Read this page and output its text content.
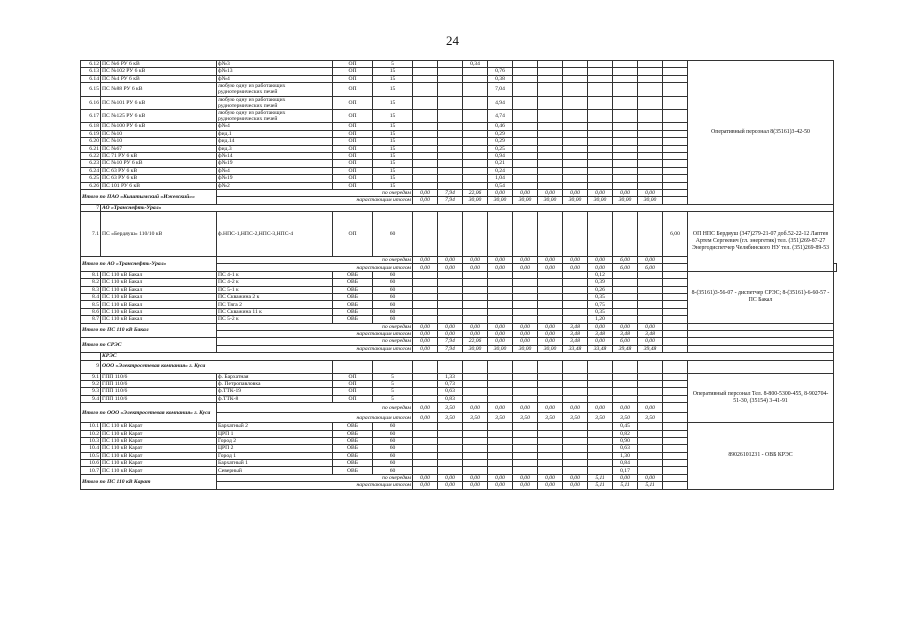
24
6.12	ПС №6 РУ 6 кВ	ф№3	ОП	5			0,34									Оперативный персонал 8(35161)3-42-50	
6.13	ПС №102 РУ 6 кВ	ф№13	ОП	15				0,76									
6.14	ПС №4 РУ 6 кВ	ф№4	ОП	15				0,38									
6.15	ПС №88 РУ 6 кВ	любую одну из работающих руднотермических печей	ОП	15				7,04									
6.16	ПС №101 РУ 6 кВ	любую одну из работающих руднотермических печей	ОП	15				4,94									
6.17	ПС №125 РУ 6 кВ	любую одну из работающих руднотермических печей	ОП	15				4,74									
6.18	ПС №100 РУ 6 кВ	ф№4	ОП	15				0,46									
6.19	ПС №10	фид.1	ОП	15				0,29									
6.20	ПС №10	фид.14	ОП	15				0,29									
6.21	ПС №67	фид.3	ОП	15				0,25									
6.22	ПС 71 РУ 6 кВ	ф№14	ОП	15				0,94									
6.23	ПС №10 РУ 6 кВ	ф№19	ОП	15				0,21									
6.24	ПС 63 РУ 6 кВ	ф№4	ОП	15				0,24									
6.25	ПС 63 РУ 6 кВ	ф№19	ОП	15				1,04									
6.26	ПС 101 РУ 6 кВ	ф№2	ОП	15				0,54									
Итого по ПАО «Кыштымский «Ижевский»»		по очередям			0,00	7,94	22,06	0,00	0,00	0,00	0,00	0,00	0,00	0,00			
		нарастающим итогом			0,00	7,94	30,00	30,00	30,00	30,00	30,00	30,00	30,00	30,00			
7	АО «Транснефть-Урал»																
7.1	ПС «Бердяуш» 110/10 кВ	ф.НПС-1,НПС-2,НПС-3,НПС-4	ОП	60											6,00	ОП НПС Бердяуш (347)279-21-07 доб.52-22-12 Лаптев Артем Сергеевич (гл. энергетик) тел. (351)269-87-27 Энергодиспетчер Челябинского НУ тел. (351)269-89-53	
Итого по АО «Транснефть-Урал»		по очередям			0,00	0,00	0,00	0,00	0,00	0,00	0,00	0,00	6,00	0,00			
		нарастающим итогом			0,00	0,00	0,00	0,00	0,00	0,00	0,00	0,00	6,00	6,00			
8.1	ПС 110 кВ Бакал	ПС 4-1 к	ОВБ	60								0,12				8-(35161)3-56-07 - диспетчер СРЭС; 8-(35161)-6-60-57 - ПС Бакал	
8.2	ПС 110 кВ Бакал	ПС 4-2 к	ОВБ	60								0,39					
8.3	ПС 110 кВ Бакал	ПС 5-1 к	ОВБ	60								0,26					
8.4	ПС 110 кВ Бакал	ПС Скважина 2 к	ОВБ	60								0,35					
8.5	ПС 110 кВ Бакал	ПС Тяга 2	ОВБ	60								0,75					
8.6	ПС 110 кВ Бакал	ПС Скважина 11 к	ОВБ	60								0,35					
8.7	ПС 110 кВ Бакал	ПС 5-2 к	ОВБ	60								1,20					
Итого по ПС 110 кВ Бакал		по очередям			0,00	0,00	0,00	0,00	0,00	0,00	3,48	0,00	0,00	0,00			
		нарастающим итогом			0,00	0,00	0,00	0,00	0,00	0,00	3,48	3,48	3,48	3,48			
Итого по СРЭС		по очередям			0,00	7,94	22,06	0,00	0,00	0,00	3,48	0,00	6,00	0,00			
		нарастающим итогом			0,00	7,94	30,00	30,00	30,00	30,00	33,48	33,48	39,48	39,48			
	КРЭС																
9	ООО «Электросетевая компания» г. Куса																
9.1	ГПП 110/6	ф. Бархатная	ОП	5		1,33										Оперативный персонал Тел. 8-800-5300-455, 8-902704-51-30, (35154) 3-41-91	
9.2	ГПП 110/6	ф. Петропавловка	ОП	5		0,73											
9.3	ГПП 110/6	ф.ТТК-19	ОП	5		0,63											
9.4	ГПП 110/6	ф.ТТК-8	ОП	5		0,83											
Итого по ООО «Электросетевая компания» г. Куса		по очередям			0,00	3,50	0,00	0,00	0,00	0,00	0,00	0,00	0,00	0,00			
		нарастающим итогом			0,00	3,50	3,50	3,50	3,50	3,50	3,50	3,50	3,50	3,50			
10.1	ПС 110 кВ Карат	Бархатный 2	ОВБ	60									0,45			89026101231 - ОВБ КРЭС	
10.2	ПС 110 кВ Карат	ЦРП 1	ОВБ	60									0,82				
10.3	ПС 110 кВ Карат	Город 2	ОВБ	60									0,90				
10.4	ПС 110 кВ Карат	ЦРП 2	ОВБ	60									0,63				
10.5	ПС 110 кВ Карат	Город 1	ОВБ	60									1,30				
10.6	ПС 110 кВ Карат	Бархатный 1	ОВБ	60									0,84				
10.7	ПС 110 кВ Карат	Северный	ОВБ	60									0,17				
Итого по ПС 110 кВ Карат		по очередям			0,00	0,00	0,00	0,00	0,00	0,00	0,00	5,11	0,00	0,00			
		нарастающим итогом			0,00	0,00	0,00	0,00	0,00	0,00	0,00	5,11	5,11	5,11			
